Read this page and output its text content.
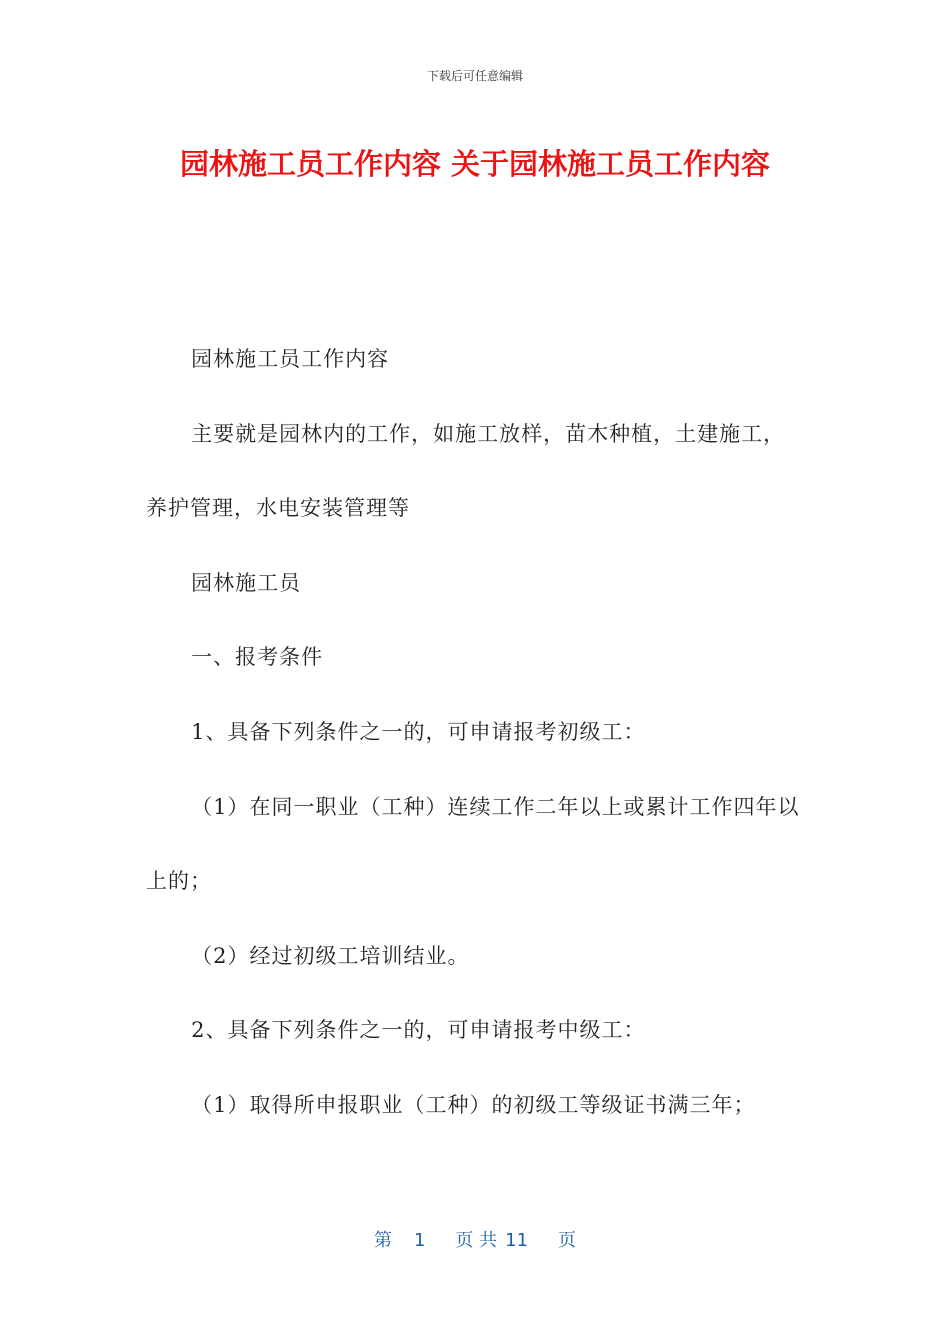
下载后可任意编辑
园林施工员工作内容 关于园林施工员工作内容

园林施工员工作内容

主要就是园林内的工作，如施工放样，苗木种植，土建施工，养护管理，水电安装管理等

园林施工员

一、报考条件

1、具备下列条件之一的，可申请报考初级工：

（1）在同一职业（工种）连续工作二年以上或累计工作四年以上的；

（2）经过初级工培训结业。

2、具备下列条件之一的，可申请报考中级工：

（1）取得所申报职业（工种）的初级工等级证书满三年；

第 1 页 共 11 页
